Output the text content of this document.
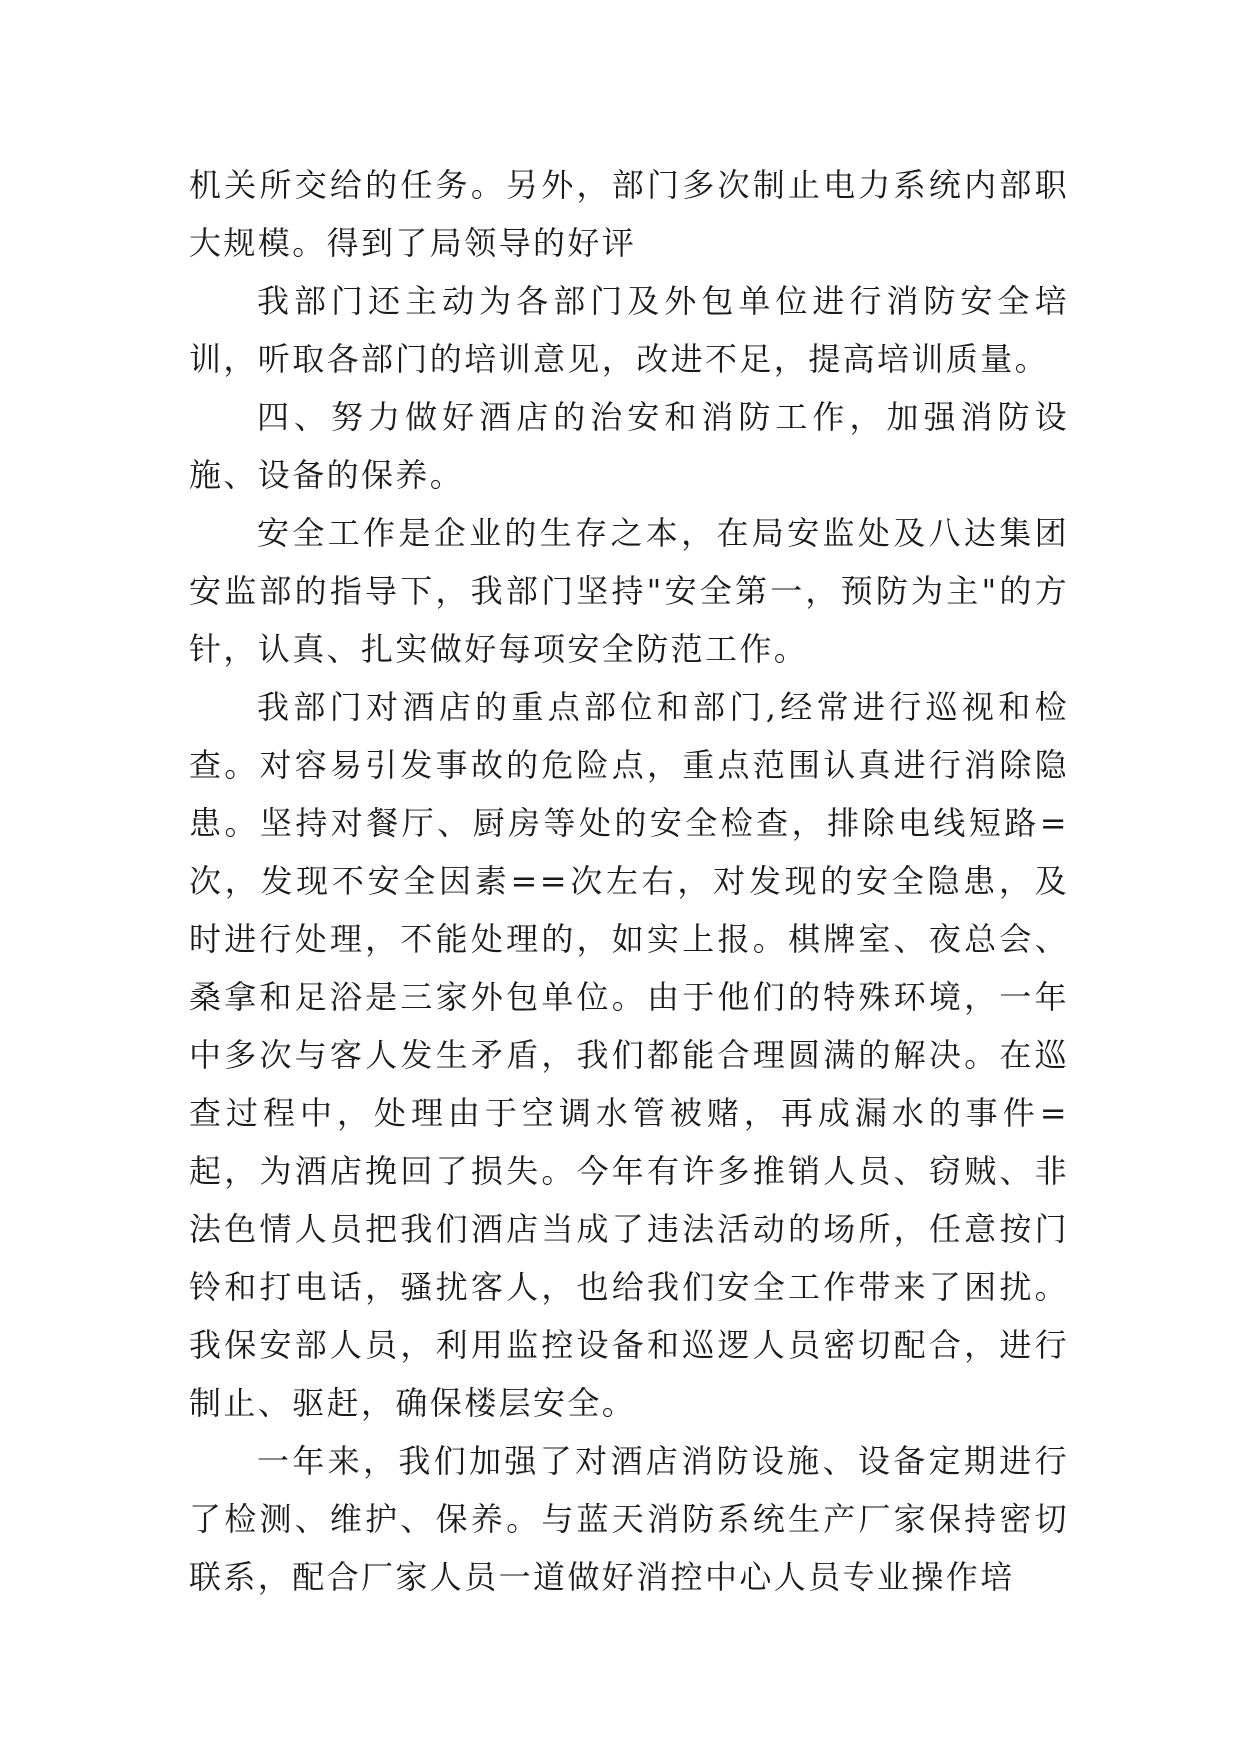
机关所交给的任务。另外，部门多次制止电力系统内部职大规模。得到了局领导的好评

我部门还主动为各部门及外包单位进行消防安全培训，听取各部门的培训意见，改进不足，提高培训质量。

四、努力做好酒店的治安和消防工作，加强消防设施、设备的保养。

安全工作是企业的生存之本，在局安监处及八达集团安监部的指导下，我部门坚持"安全第一，预防为主"的方针，认真、扎实做好每项安全防范工作。

我部门对酒店的重点部位和部门,经常进行巡视和检查。对容易引发事故的危险点，重点范围认真进行消除隐患。坚持对餐厅、厨房等处的安全检查，排除电线短路=次，发现不安全因素==次左右，对发现的安全隐患，及时进行处理，不能处理的，如实上报。棋牌室、夜总会、桑拿和足浴是三家外包单位。由于他们的特殊环境，一年中多次与客人发生矛盾，我们都能合理圆满的解决。在巡查过程中，处理由于空调水管被赌，再成漏水的事件=起，为酒店挽回了损失。今年有许多推销人员、窃贼、非法色情人员把我们酒店当成了违法活动的场所，任意按门铃和打电话，骚扰客人，也给我们安全工作带来了困扰。我保安部人员，利用监控设备和巡逻人员密切配合，进行制止、驱赶，确保楼层安全。

一年来，我们加强了对酒店消防设施、设备定期进行了检测、维护、保养。与蓝天消防系统生产厂家保持密切联系，配合厂家人员一道做好消控中心人员专业操作培
